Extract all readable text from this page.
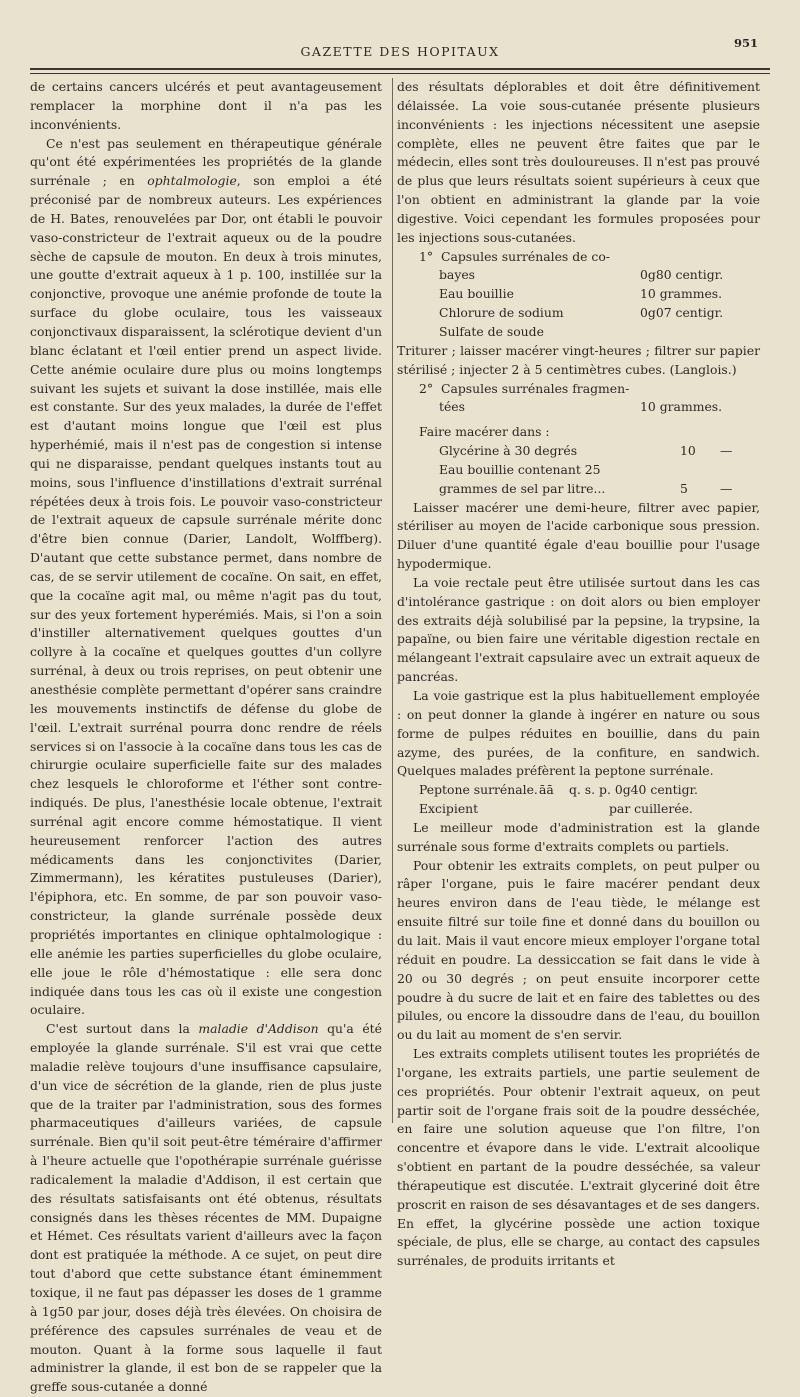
GAZETTE DES HOPITAUX
951

de certains cancers ulcérés et peut avantageusement remplacer la morphine dont il n'a pas les inconvénients.

Ce n'est pas seulement en thérapeutique générale qu'ont été expérimentées les propriétés de la glande surrénale ; en ophtalmologie, son emploi a été préconisé par de nombreux auteurs. Les expériences de H. Bates, renouvelées par Dor, ont établi le pouvoir vaso-constricteur de l'extrait aqueux ou de la poudre sèche de capsule de mouton. En deux à trois minutes, une goutte d'extrait aqueux à 1 p. 100, instillée sur la conjonctive, provoque une anémie profonde de toute la surface du globe oculaire, tous les vaisseaux conjonctivaux disparaissent, la sclérotique devient d'un blanc éclatant et l'œil entier prend un aspect livide. Cette anémie oculaire dure plus ou moins longtemps suivant les sujets et suivant la dose instillée, mais elle est constante. Sur des yeux malades, la durée de l'effet est d'autant moins longue que l'œil est plus hyperhémié, mais il n'est pas de congestion si intense qui ne disparaisse, pendant quelques instants tout au moins, sous l'influence d'instillations d'extrait surrénal répétées deux à trois fois. Le pouvoir vaso-constricteur de l'extrait aqueux de capsule surrénale mérite donc d'être bien connue (Darier, Landolt, Wolffberg). D'autant que cette substance permet, dans nombre de cas, de se servir utilement de cocaïne. On sait, en effet, que la cocaïne agit mal, ou même n'agit pas du tout, sur des yeux fortement hyperémiés. Mais, si l'on a soin d'instiller alternativement quelques gouttes d'un collyre à la cocaïne et quelques gouttes d'un collyre surrénal, à deux ou trois reprises, on peut obtenir une anesthésie complète permettant d'opérer sans craindre les mouvements instinctifs de défense du globe de l'œil. L'extrait surrénal pourra donc rendre de réels services si on l'associe à la cocaïne dans tous les cas de chirurgie oculaire superficielle faite sur des malades chez lesquels le chloroforme et l'éther sont contre-indiqués. De plus, l'anesthésie locale obtenue, l'extrait surrénal agit encore comme hémostatique. Il vient heureusement renforcer l'action des autres médicaments dans les conjonctivites (Darier, Zimmermann), les kératites pustuleuses (Darier), l'épiphora, etc. En somme, de par son pouvoir vaso-constricteur, la glande surrénale possède deux propriétés importantes en clinique ophtalmologique : elle anémie les parties superficielles du globe oculaire, elle joue le rôle d'hémostatique : elle sera donc indiquée dans tous les cas où il existe une congestion oculaire.

C'est surtout dans la maladie d'Addison qu'a été employée la glande surrénale. S'il est vrai que cette maladie relève toujours d'une insuffisance capsulaire, d'un vice de sécrétion de la glande, rien de plus juste que de la traiter par l'administration, sous des formes pharmaceutiques d'ailleurs variées, de capsule surrénale. Bien qu'il soit peut-être téméraire d'affirmer à l'heure actuelle que l'opothérapie surrénale guérisse radicalement la maladie d'Addison, il est certain que des résultats satisfaisants ont été obtenus, résultats consignés dans les thèses récentes de MM. Dupaigne et Hémet. Ces résultats varient d'ailleurs avec la façon dont est pratiquée la méthode. A ce sujet, on peut dire tout d'abord que cette substance étant éminemment toxique, il ne faut pas dépasser les doses de 1 gramme à 1g50 par jour, doses déjà très élevées. On choisira de préférence des capsules surrénales de veau et de mouton. Quant à la forme sous laquelle il faut administrer la glande, il est bon de se rappeler que la greffe sous-cutanée a donné

des résultats déplorables et doit être définitivement délaissée. La voie sous-cutanée présente plusieurs inconvénients : les injections nécessitent une asepsie complète, elles ne peuvent être faites que par le médecin, elles sont très douloureuses. Il n'est pas prouvé de plus que leurs résultats soient supérieurs à ceux que l'on obtient en administrant la glande par la voie digestive. Voici cependant les formules proposées pour les injections sous-cutanées.

1° Capsules surrénales de co-
bayes	0g80 centigr.
Eau bouillie	10 grammes.
Chlorure de sodium	0g07 centigr.
Sulfate de soude

Triturer ; laisser macérer vingt-heures ; filtrer sur papier stérilisé ; injecter 2 à 5 centimètres cubes. (Langlois.)

2° Capsules surrénales fragmen-
tées	10 grammes.
Faire macérer dans :
Glycérine à 30 degrés	10	—
Eau bouillie contenant 25
grammes de sel par litre...	5	—

Laisser macérer une demi-heure, filtrer avec papier, stériliser au moyen de l'acide carbonique sous pression. Diluer d'une quantité égale d'eau bouillie pour l'usage hypodermique.

La voie rectale peut être utilisée surtout dans les cas d'intolérance gastrique : on doit alors ou bien employer des extraits déjà solubilisé par la pepsine, la trypsine, la papaïne, ou bien faire une véritable digestion rectale en mélangeant l'extrait capsulaire avec un extrait aqueux de pancréas.

La voie gastrique est la plus habituellement employée : on peut donner la glande à ingérer en nature ou sous forme de pulpes réduites en bouillie, dans du pain azyme, des purées, de la confiture, en sandwich. Quelques malades préfèrent la peptone surrénale.

Peptone surrénale. āā	q. s. p. 0g40 centigr.
Excipient	par cuillerée.

Le meilleur mode d'administration est la glande surrénale sous forme d'extraits complets ou partiels.

Pour obtenir les extraits complets, on peut pulper ou râper l'organe, puis le faire macérer pendant deux heures environ dans de l'eau tiède, le mélange est ensuite filtré sur toile fine et donné dans du bouillon ou du lait. Mais il vaut encore mieux employer l'organe total réduit en poudre. La dessiccation se fait dans le vide à 20 ou 30 degrés ; on peut ensuite incorporer cette poudre à du sucre de lait et en faire des tablettes ou des pilules, ou encore la dissoudre dans de l'eau, du bouillon ou du lait au moment de s'en servir.

Les extraits complets utilisent toutes les propriétés de l'organe, les extraits partiels, une partie seulement de ces propriétés. Pour obtenir l'extrait aqueux, on peut partir soit de l'organe frais soit de la poudre desséchée, en faire une solution aqueuse que l'on filtre, l'on concentre et évapore dans le vide. L'extrait alcoolique s'obtient en partant de la poudre desséchée, sa valeur thérapeutique est discutée. L'extrait glyceriné doit être proscrit en raison de ses désavantages et de ses dangers. En effet, la glycérine possède une action toxique spéciale, de plus, elle se charge, au contact des capsules surrénales, de produits irritants et
